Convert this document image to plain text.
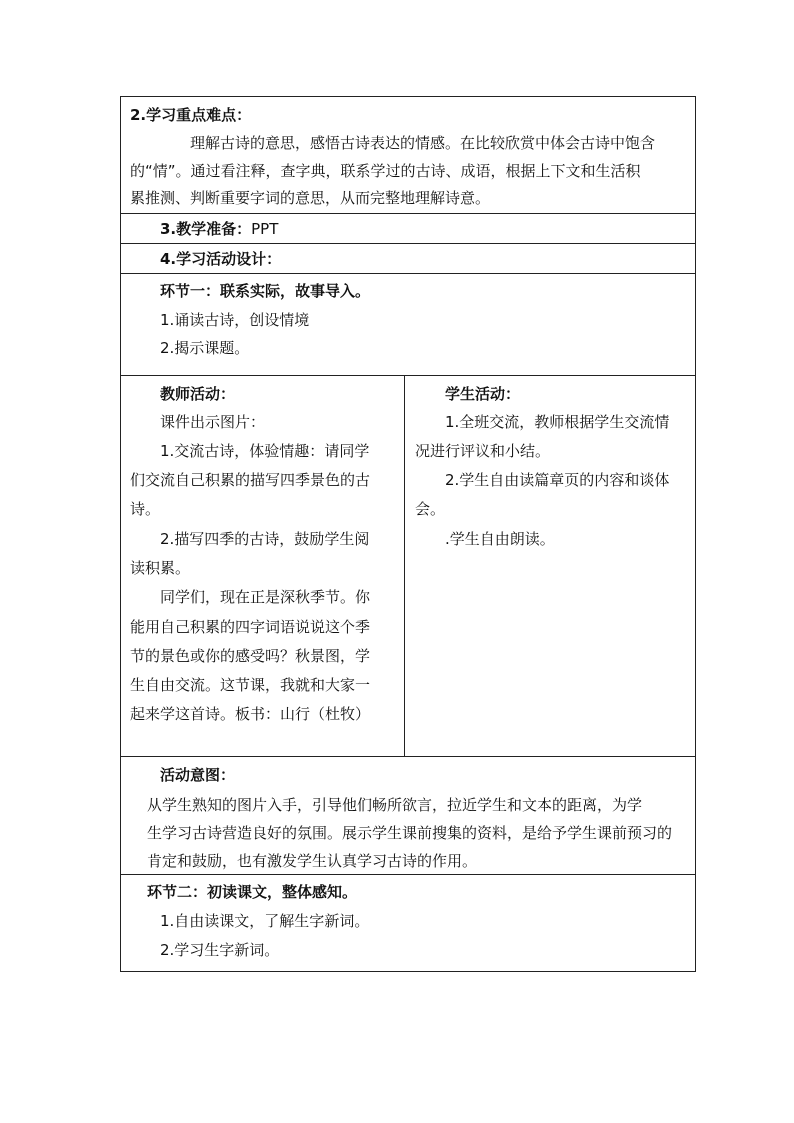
2.学习重点难点：
理解古诗的意思，感悟古诗表达的情感。在比较欣赏中体会古诗中饱含
的“情”。通过看注释，查字典，联系学过的古诗、成语，根据上下文和生活积
累推测、判断重要字词的意思，从而完整地理解诗意。
3.教学准备：PPT
4.学习活动设计：
环节一：联系实际，故事导入。
1.诵读古诗，创设情境
2.揭示课题。
教师活动：
课件出示图片：
1.交流古诗，体验情趣：请同学
们交流自己积累的描写四季景色的古
诗。
2.描写四季的古诗，鼓励学生阅
读积累。
同学们，现在正是深秋季节。你
能用自己积累的四字词语说说这个季
节的景色或你的感受吗？秋景图，学
生自由交流。这节课，我就和大家一
起来学这首诗。板书：山行（杜牧）
学生活动：
1.全班交流，教师根据学生交流情
况进行评议和小结。
2.学生自由读篇章页的内容和谈体
会。
.学生自由朗读。
活动意图：
从学生熟知的图片入手，引导他们畅所欲言，拉近学生和文本的距离，为学
生学习古诗营造良好的氛围。展示学生课前搜集的资料，是给予学生课前预习的
肯定和鼓励，也有激发学生认真学习古诗的作用。
环节二：初读课文，整体感知。
1.自由读课文，了解生字新词。
2.学习生字新词。
